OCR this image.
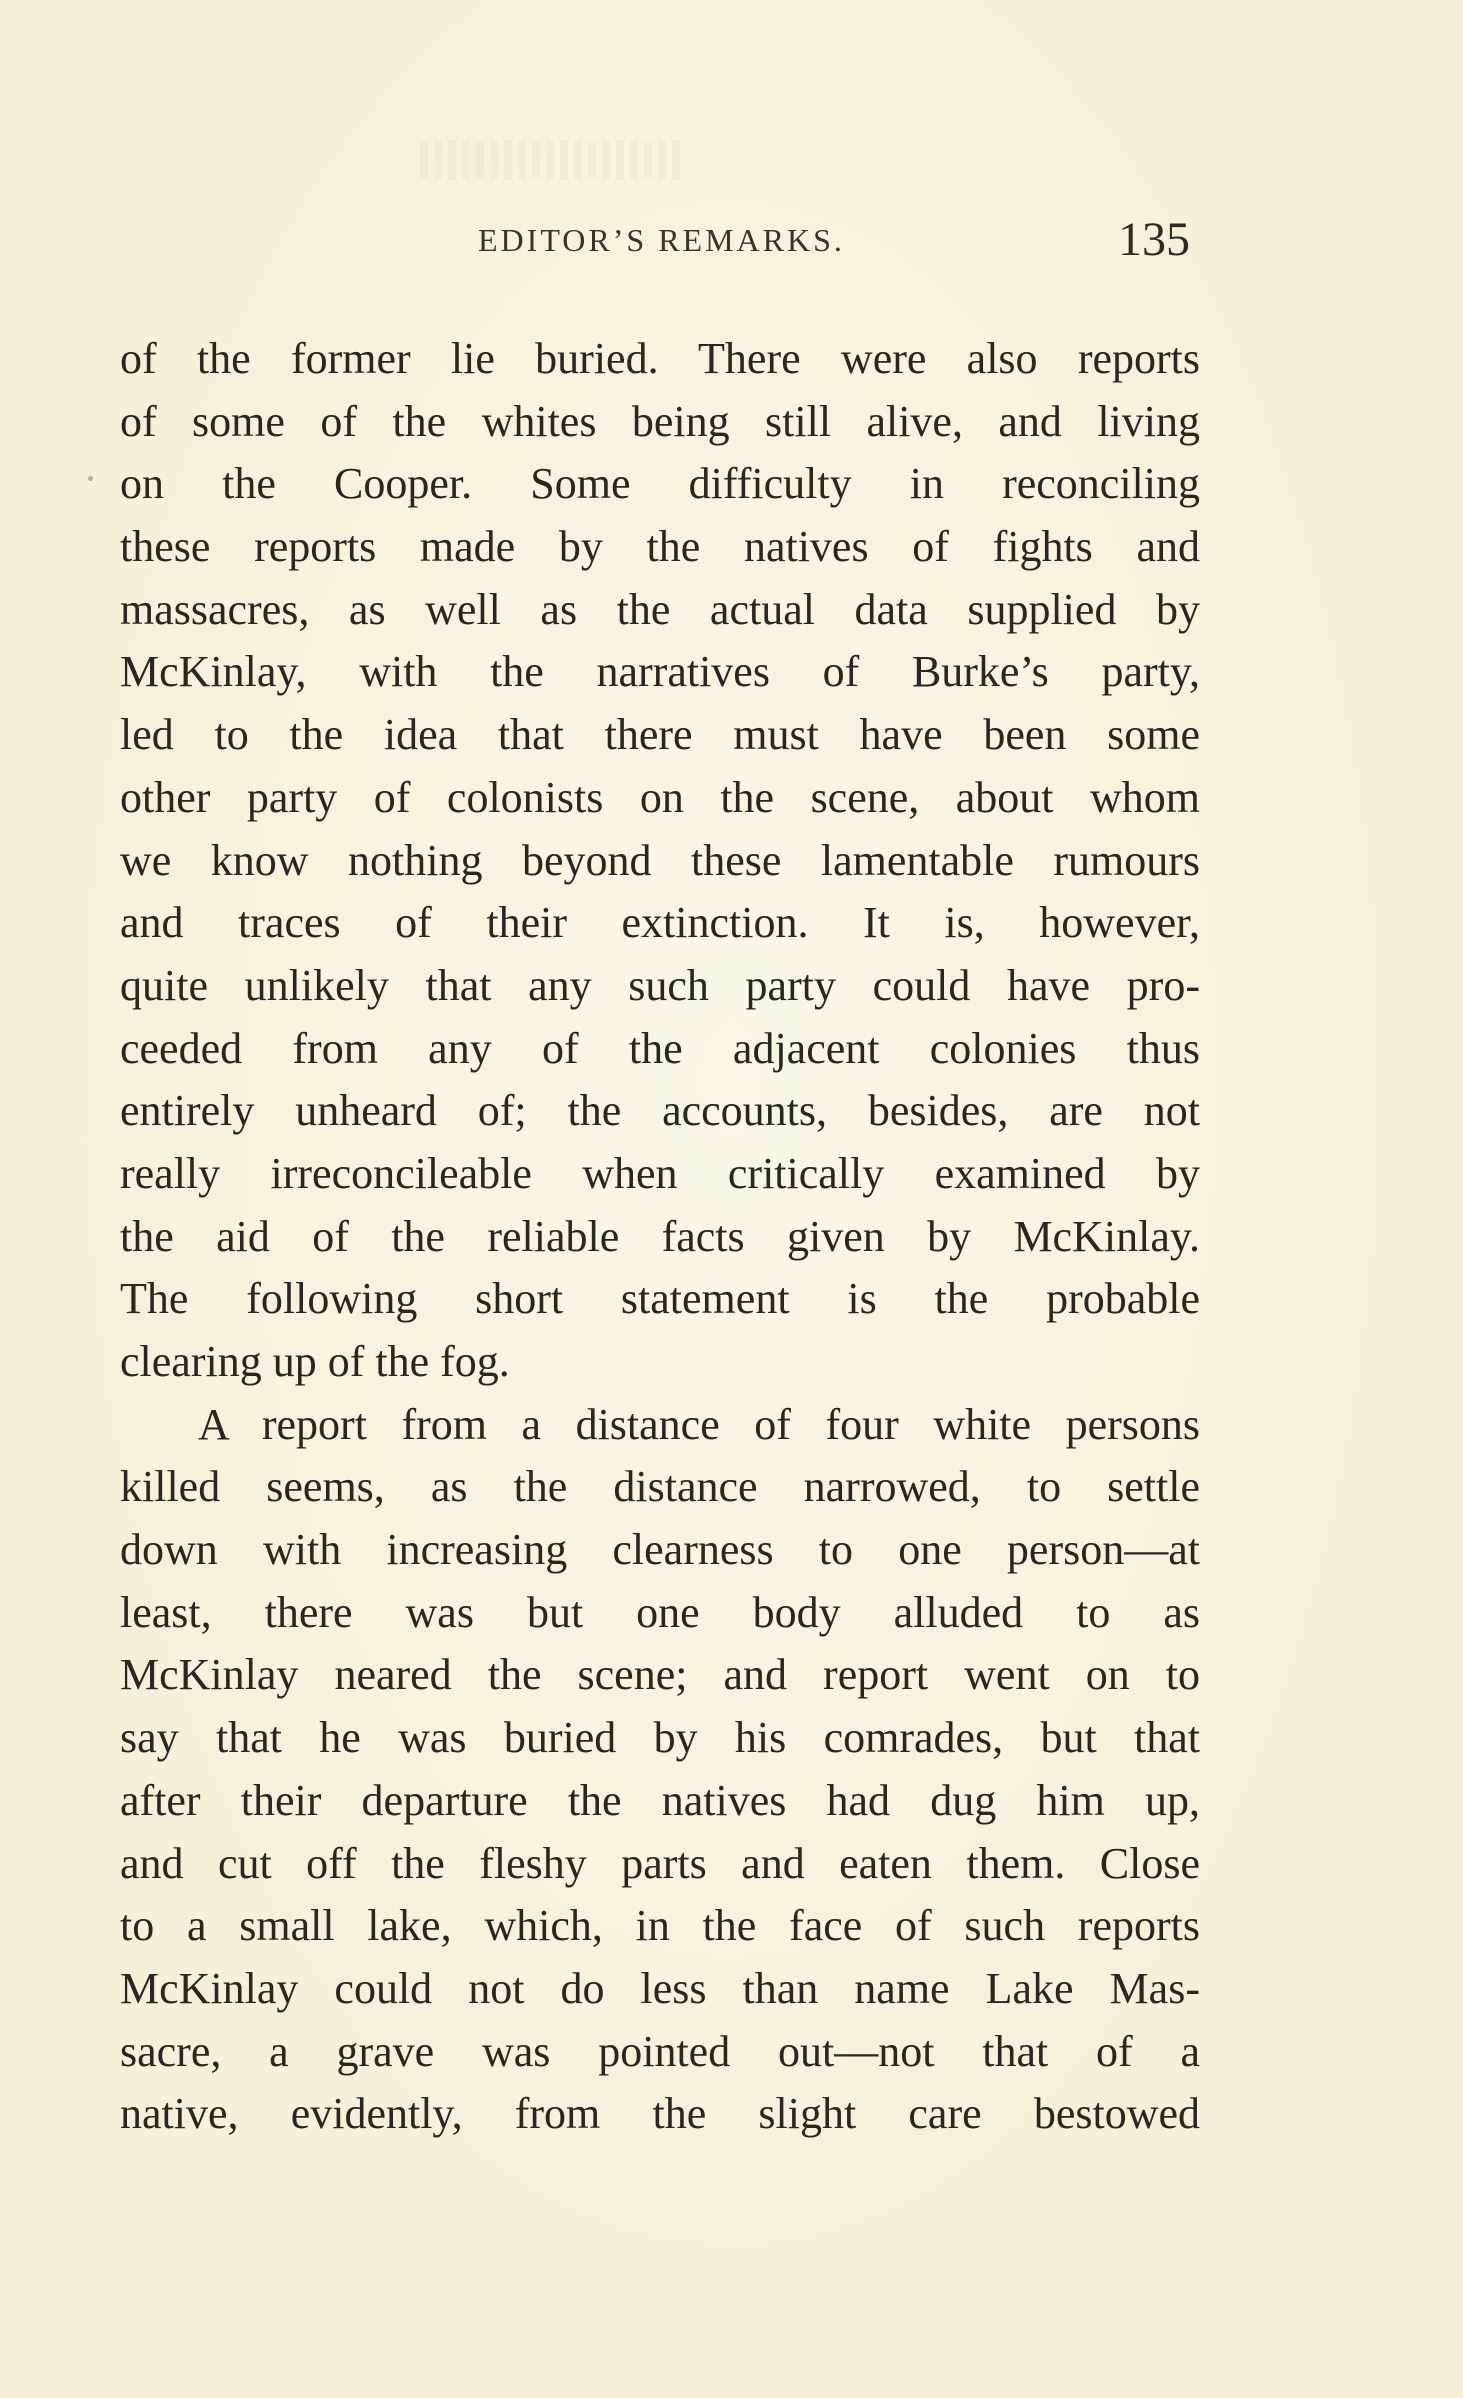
EDITOR’S REMARKS.	135
of the former lie buried. There were also reports
of some of the whites being still alive, and living
on the Cooper. Some difficulty in reconciling
these reports made by the natives of fights and
massacres, as well as the actual data supplied by
McKinlay, with the narratives of Burke’s party,
led to the idea that there must have been some
other party of colonists on the scene, about whom
we know nothing beyond these lamentable rumours
and traces of their extinction. It is, however,
quite unlikely that any such party could have pro-
ceeded from any of the adjacent colonies thus
entirely unheard of; the accounts, besides, are not
really irreconcileable when critically examined by
the aid of the reliable facts given by McKinlay.
The following short statement is the probable
clearing up of the fog.
A report from a distance of four white persons
killed seems, as the distance narrowed, to settle
down with increasing clearness to one person—at
least, there was but one body alluded to as
McKinlay neared the scene; and report went on to
say that he was buried by his comrades, but that
after their departure the natives had dug him up,
and cut off the fleshy parts and eaten them. Close
to a small lake, which, in the face of such reports
McKinlay could not do less than name Lake Mas-
sacre, a grave was pointed out—not that of a
native, evidently, from the slight care bestowed
